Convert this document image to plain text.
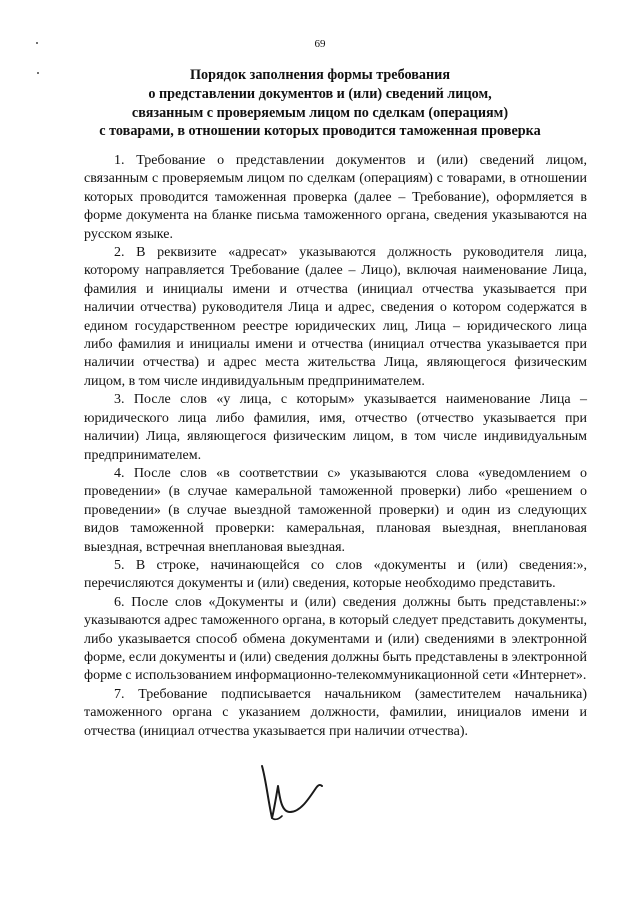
69
Порядок заполнения формы требования
о представлении документов и (или) сведений лицом,
связанным с проверяемым лицом по сделкам (операциям)
с товарами, в отношении которых проводится таможенная проверка

1. Требование о представлении документов и (или) сведений лицом, связанным с проверяемым лицом по сделкам (операциям) с товарами, в отношении которых проводится таможенная проверка (далее – Требование), оформляется в форме документа на бланке письма таможенного органа, сведения указываются на русском языке.

2. В реквизите «адресат» указываются должность руководителя лица, которому направляется Требование (далее – Лицо), включая наименование Лица, фамилия и инициалы имени и отчества (инициал отчества указывается при наличии отчества) руководителя Лица и адрес, сведения о котором содержатся в едином государственном реестре юридических лиц, Лица – юридического лица либо фамилия и инициалы имени и отчества (инициал отчества указывается при наличии отчества) и адрес места жительства Лица, являющегося физическим лицом, в том числе индивидуальным предпринимателем.

3. После слов «у лица, с которым» указывается наименование Лица – юридического лица либо фамилия, имя, отчество (отчество указывается при наличии) Лица, являющегося физическим лицом, в том числе индивидуальным предпринимателем.

4. После слов «в соответствии с» указываются слова «уведомлением о проведении» (в случае камеральной таможенной проверки) либо «решением о проведении» (в случае выездной таможенной проверки) и один из следующих видов таможенной проверки: камеральная, плановая выездная, внеплановая выездная, встречная внеплановая выездная.

5. В строке, начинающейся со слов «документы и (или) сведения:», перечисляются документы и (или) сведения, которые необходимо представить.

6. После слов «Документы и (или) сведения должны быть представлены:» указываются адрес таможенного органа, в который следует представить документы, либо указывается способ обмена документами и (или) сведениями в электронной форме, если документы и (или) сведения должны быть представлены в электронной форме с использованием информационно-телекоммуникационной сети «Интернет».

7. Требование подписывается начальником (заместителем начальника) таможенного органа с указанием должности, фамилии, инициалов имени и отчества (инициал отчества указывается при наличии отчества).
